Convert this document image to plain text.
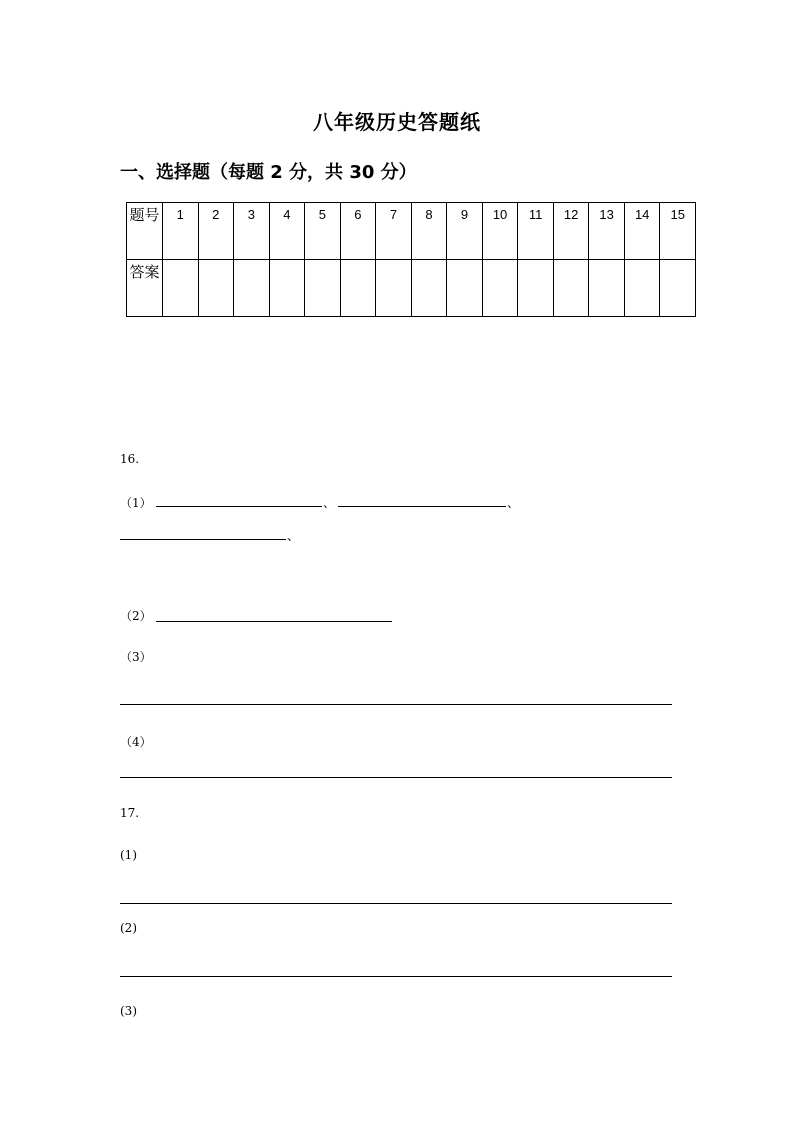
八年级历史答题纸
一、选择题（每题 2 分，共 30 分）
题号	1	2	3	4	5	6	7	8	9	10	11	12	13	14	15
答案															
16.
（1）	、	、
、
（2）
（3）
（4）
17.
(1)
(2)
(3)
